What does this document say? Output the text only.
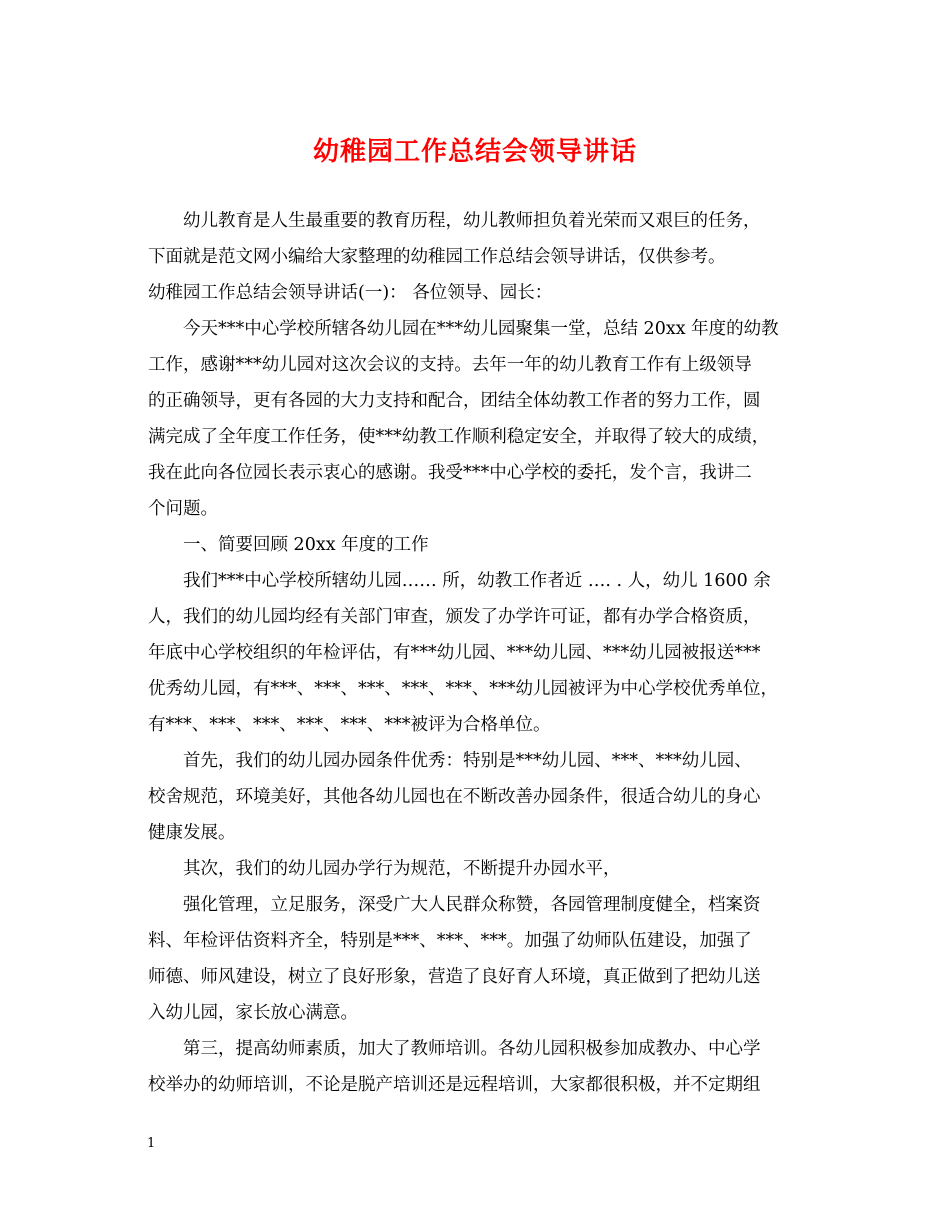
幼稚园工作总结会领导讲话
幼儿教育是人生最重要的教育历程，幼儿教师担负着光荣而又艰巨的任务，
下面就是范文网小编给大家整理的幼稚园工作总结会领导讲话，仅供参考。
幼稚园工作总结会领导讲话(一)： 各位领导、园长：
今天***中心学校所辖各幼儿园在***幼儿园聚集一堂，总结 20xx 年度的幼教
工作，感谢***幼儿园对这次会议的支持。去年一年的幼儿教育工作有上级领导
的正确领导，更有各园的大力支持和配合，团结全体幼教工作者的努力工作，圆
满完成了全年度工作任务，使***幼教工作顺利稳定安全，并取得了较大的成绩，
我在此向各位园长表示衷心的感谢。我受***中心学校的委托，发个言，我讲二
个问题。
一、简要回顾 20xx 年度的工作
我们***中心学校所辖幼儿园…… 所，幼教工作者近 …. . 人，幼儿 1600 余
人，我们的幼儿园均经有关部门审查，颁发了办学许可证，都有办学合格资质，
年底中心学校组织的年检评估，有***幼儿园、***幼儿园、***幼儿园被报送***
优秀幼儿园，有***、***、***、***、***、***幼儿园被评为中心学校优秀单位，
有***、***、***、***、***、***被评为合格单位。
首先，我们的幼儿园办园条件优秀：特别是***幼儿园、***、***幼儿园、
校舍规范，环境美好，其他各幼儿园也在不断改善办园条件，很适合幼儿的身心
健康发展。
其次，我们的幼儿园办学行为规范，不断提升办园水平，
强化管理，立足服务，深受广大人民群众称赞，各园管理制度健全，档案资
料、年检评估资料齐全，特别是***、***、***。加强了幼师队伍建设，加强了
师德、师风建设，树立了良好形象，营造了良好育人环境，真正做到了把幼儿送
入幼儿园，家长放心满意。
第三，提高幼师素质，加大了教师培训。各幼儿园积极参加成教办、中心学
校举办的幼师培训，不论是脱产培训还是远程培训，大家都很积极，并不定期组
1
